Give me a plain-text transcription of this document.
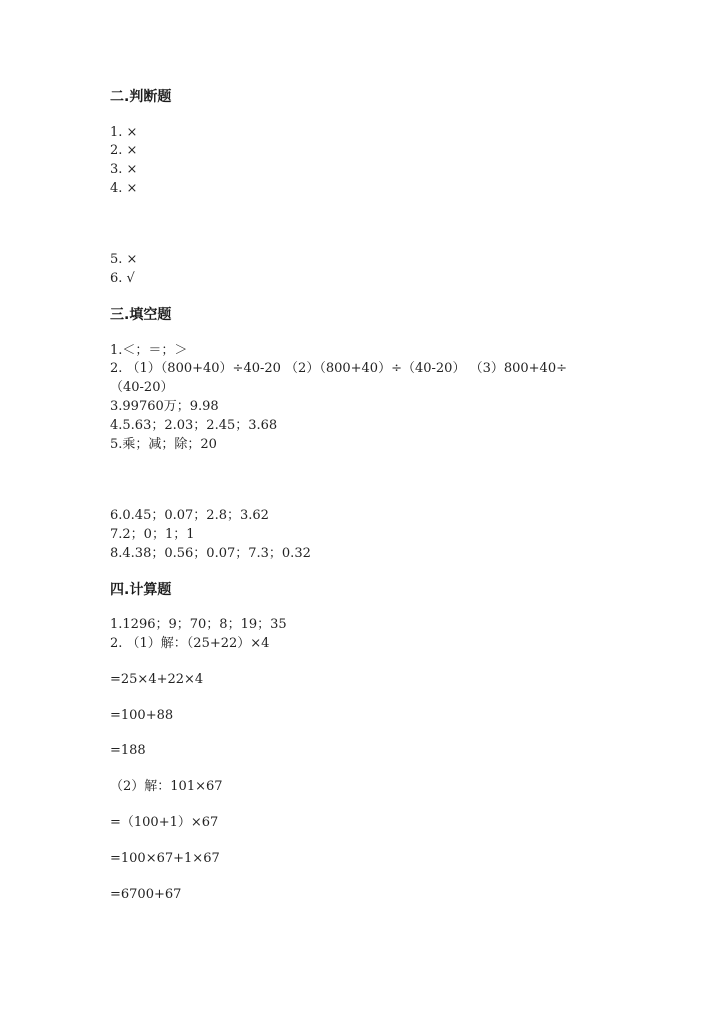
二.判断题
1. ×
2. ×
3. ×
4. ×
5. ×
6. √
三.填空题
1.＜；＝；＞
2. （1）（800+40）÷40-20 （2）（800+40）÷（40-20） （3）800+40÷
（40-20）
3.99760万；9.98
4.5.63；2.03；2.45；3.68
5.乘；减；除；20
6.0.45；0.07；2.8；3.62
7.2；0；1；1
8.4.38；0.56；0.07；7.3；0.32
四.计算题
1.1296；9；70；8；19；35
2. （1）解：（25+22）×4
=25×4+22×4
=100+88
=188
（2）解：101×67
=（100+1）×67
=100×67+1×67
=6700+67
